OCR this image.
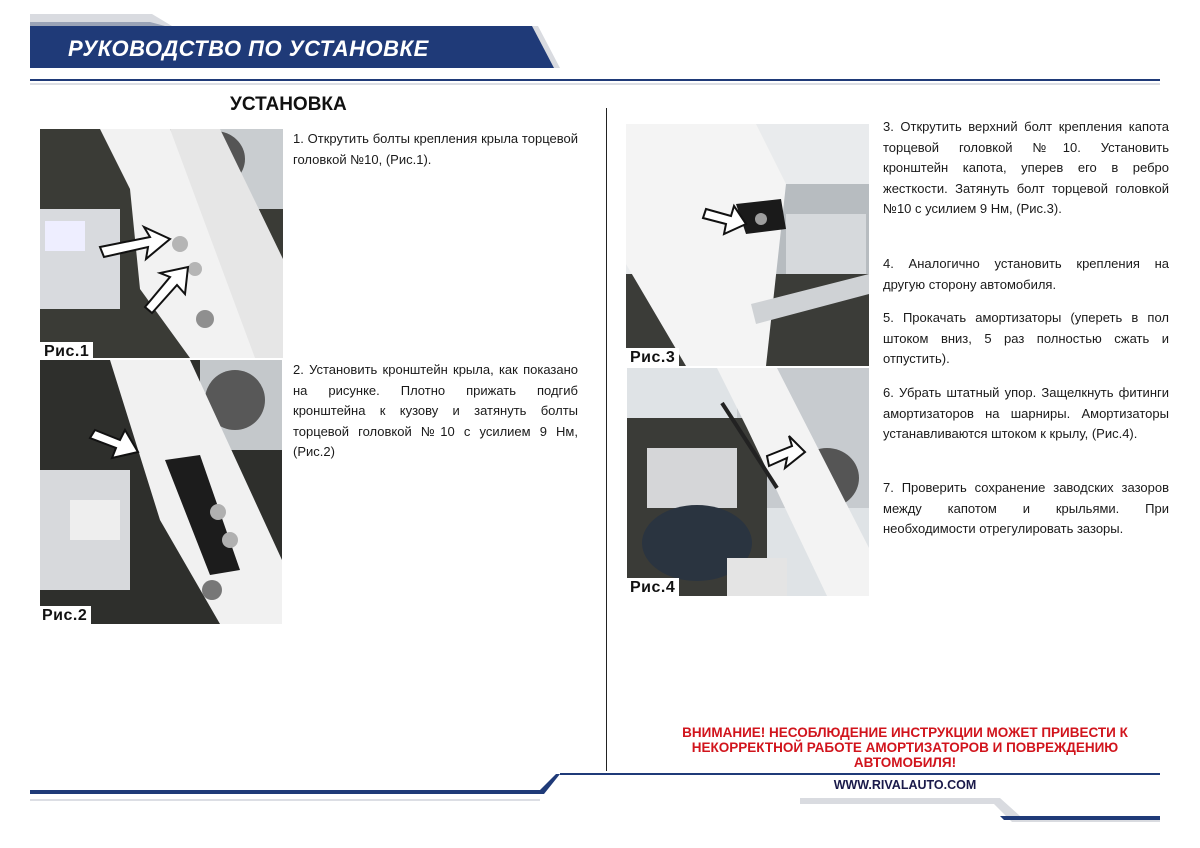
РУКОВОДСТВО ПО УСТАНОВКЕ
УСТАНОВКА
Рис.1
Рис.2
1. Открутить болты крепления крыла торцевой головкой №10, (Рис.1).
2. Установить кронштейн крыла, как показано на рисунке. Плотно прижать подгиб кронштейна к кузову и затянуть болты торцевой головкой №10 с усилием 9 Нм, (Рис.2)
Рис.3
Рис.4
3. Открутить верхний болт крепления капота торцевой головкой №10. Установить кронштейн капота, уперев его в ребро жесткости. Затянуть болт торцевой головкой №10 с усилием 9 Нм, (Рис.3).
4. Аналогично установить крепления на другую сторону автомобиля.
5. Прокачать амортизаторы (упереть в пол штоком вниз, 5 раз полностью сжать и отпустить).
6. Убрать штатный упор. Защелкнуть фитинги амортизаторов на шарниры. Амортизаторы устанавливаются штоком к крылу, (Рис.4).
7. Проверить сохранение заводских зазоров между капотом и крыльями. При необходимости отрегулировать зазоры.
ВНИМАНИЕ! НЕСОБЛЮДЕНИЕ ИНСТРУКЦИИ МОЖЕТ ПРИВЕСТИ К НЕКОРРЕКТНОЙ РАБОТЕ АМОРТИЗАТОРОВ И ПОВРЕЖДЕНИЮ АВТОМОБИЛЯ!
WWW.RIVALAUTO.COM
